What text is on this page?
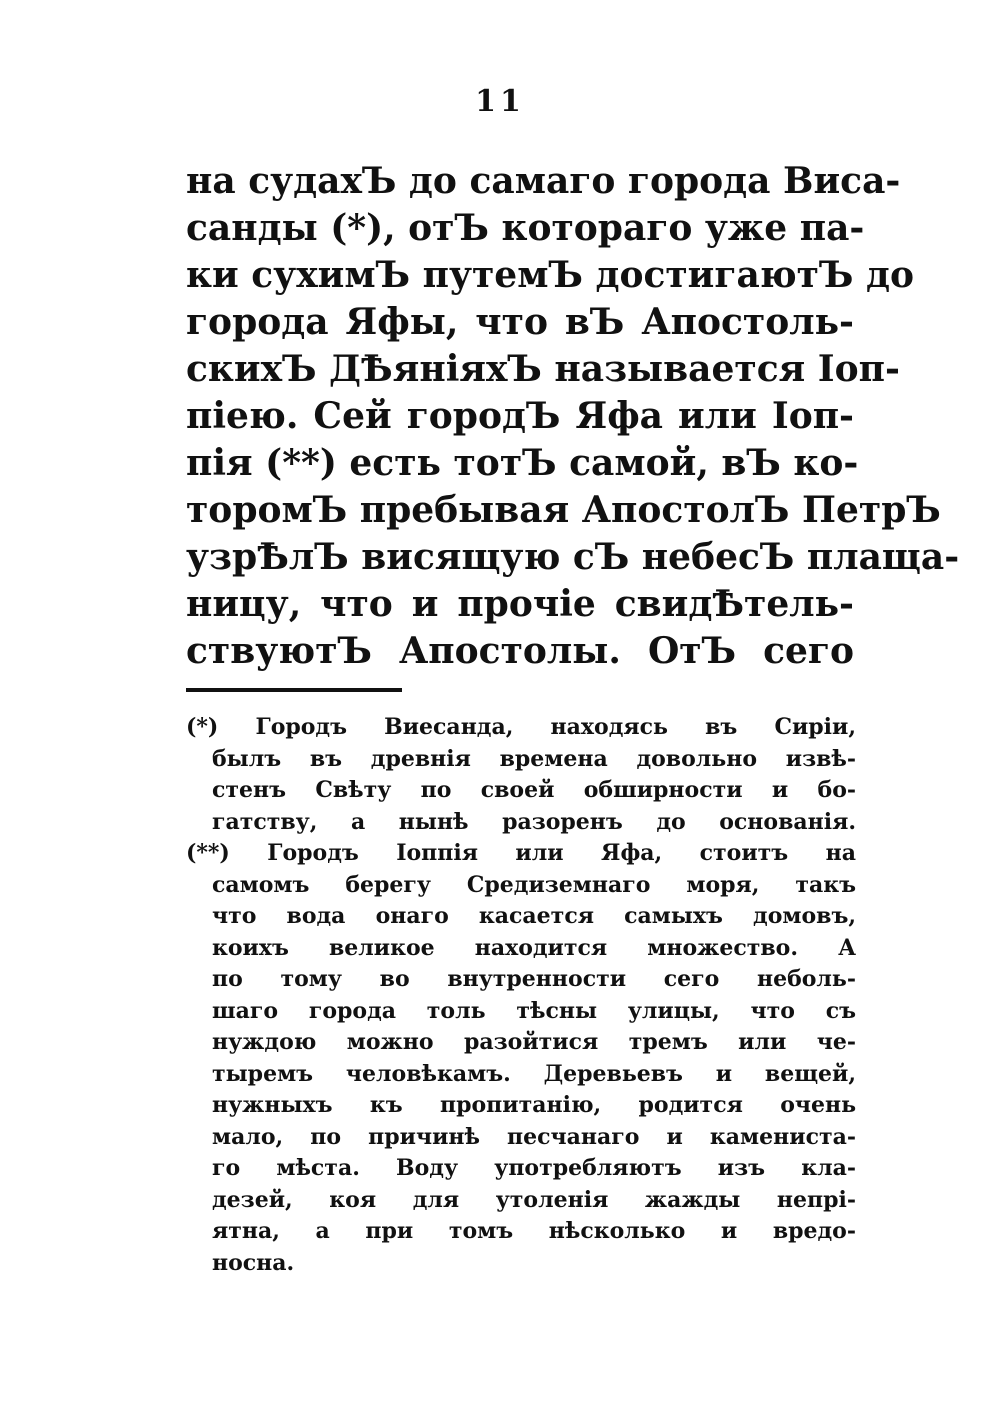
11
на судахЪ до самаго города Виса-
санды (*), отЪ котораго уже па-
ки сухимЪ путемЪ достигаютЪ до
города Яфы, что вЪ Апостоль-
скихЪ ДѢянiяхЪ называется Iоп-
пiею. Сей городЪ Яфа или Iоп-
пiя (**) есть тотЪ самой, вЪ ко-
торомЪ пребывая АпостолЪ ПетрЪ
узрѢлЪ висящую сЪ небесЪ плаща-
ницу, что и прочiе свидѢтель-
ствуютЪ Апостолы. ОтЪ сего
(*) Городъ Виесанда, находясь въ Сирiи,
былъ въ древнiя времена довольно извѣ-
стенъ Свѣту по своей обширности и бо-
гатству, а нынѣ разоренъ до основанiя.
(**) Городъ Iоппiя или Яфа, стоитъ на
самомъ берегу Средиземнаго моря, такъ
что вода онаго касается самыхъ домовъ,
коихъ великое находится множество. А
по тому во внутренности сего неболь-
шаго города толь тѣсны улицы, что съ
нуждою можно разойтися тремъ или че-
тыремъ человѣкамъ. Деревьевъ и вещей,
нужныхъ къ пропитанiю, родится очень
мало, по причинѣ песчанаго и каменистa-
го мѣста. Воду употребляютъ изъ кла-
дезей, коя для утоленiя жажды непрi-
ятна, а при томъ нѣсколько и вредо-
носна.
